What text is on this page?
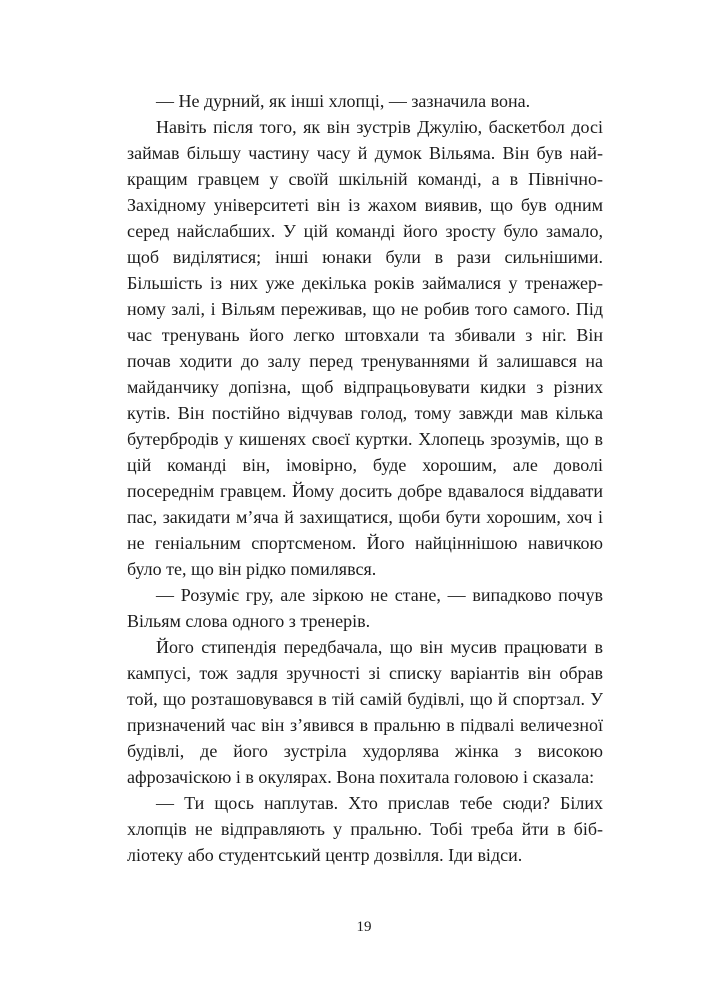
— Не дурний, як інші хлопці, — зазначила вона.

Навіть після того, як він зустрів Джулію, баскетбол досі займав більшу частину часу й думок Вільяма. Він був найкращим гравцем у своїй шкільній команді, а в Північно-Західному університеті він із жахом виявив, що був одним серед найслабших. У цій команді його зросту було замало, щоб виділятися; інші юнаки були в рази сильнішими. Більшість із них уже декілька років займалися у тренажерному залі, і Вільям переживав, що не робив того самого. Під час тренувань його легко штовхали та збивали з ніг. Він почав ходити до залу перед тренуваннями й залишався на майданчику допізна, щоб відпрацьовувати кидки з різних кутів. Він постійно відчував голод, тому завжди мав кілька бутербродів у кишенях своєї куртки. Хлопець зрозумів, що в цій команді він, імовірно, буде хорошим, але доволі посереднім гравцем. Йому досить добре вдавалося віддавати пас, закидати м’яча й захищатися, щоби бути хорошим, хоч і не геніальним спортсменом. Його найціннішою навичкою було те, що він рідко помилявся.

— Розуміє гру, але зіркою не стане, — випадково почув Вільям слова одного з тренерів.

Його стипендія передбачала, що він мусив працювати в кампусі, тож задля зручності зі списку варіантів він обрав той, що розташовувався в тій самій будівлі, що й спортзал. У призначений час він з’явився в пральню в підвалі величезної будівлі, де його зустріла худорлява жінка з високою афрозачіскою і в окулярах. Вона похитала головою і сказала:

— Ти щось наплутав. Хто прислав тебе сюди? Білих хлопців не відправляють у пральню. Тобі треба йти в бібліотеку або студентський центр дозвілля. Іди відси.

19
